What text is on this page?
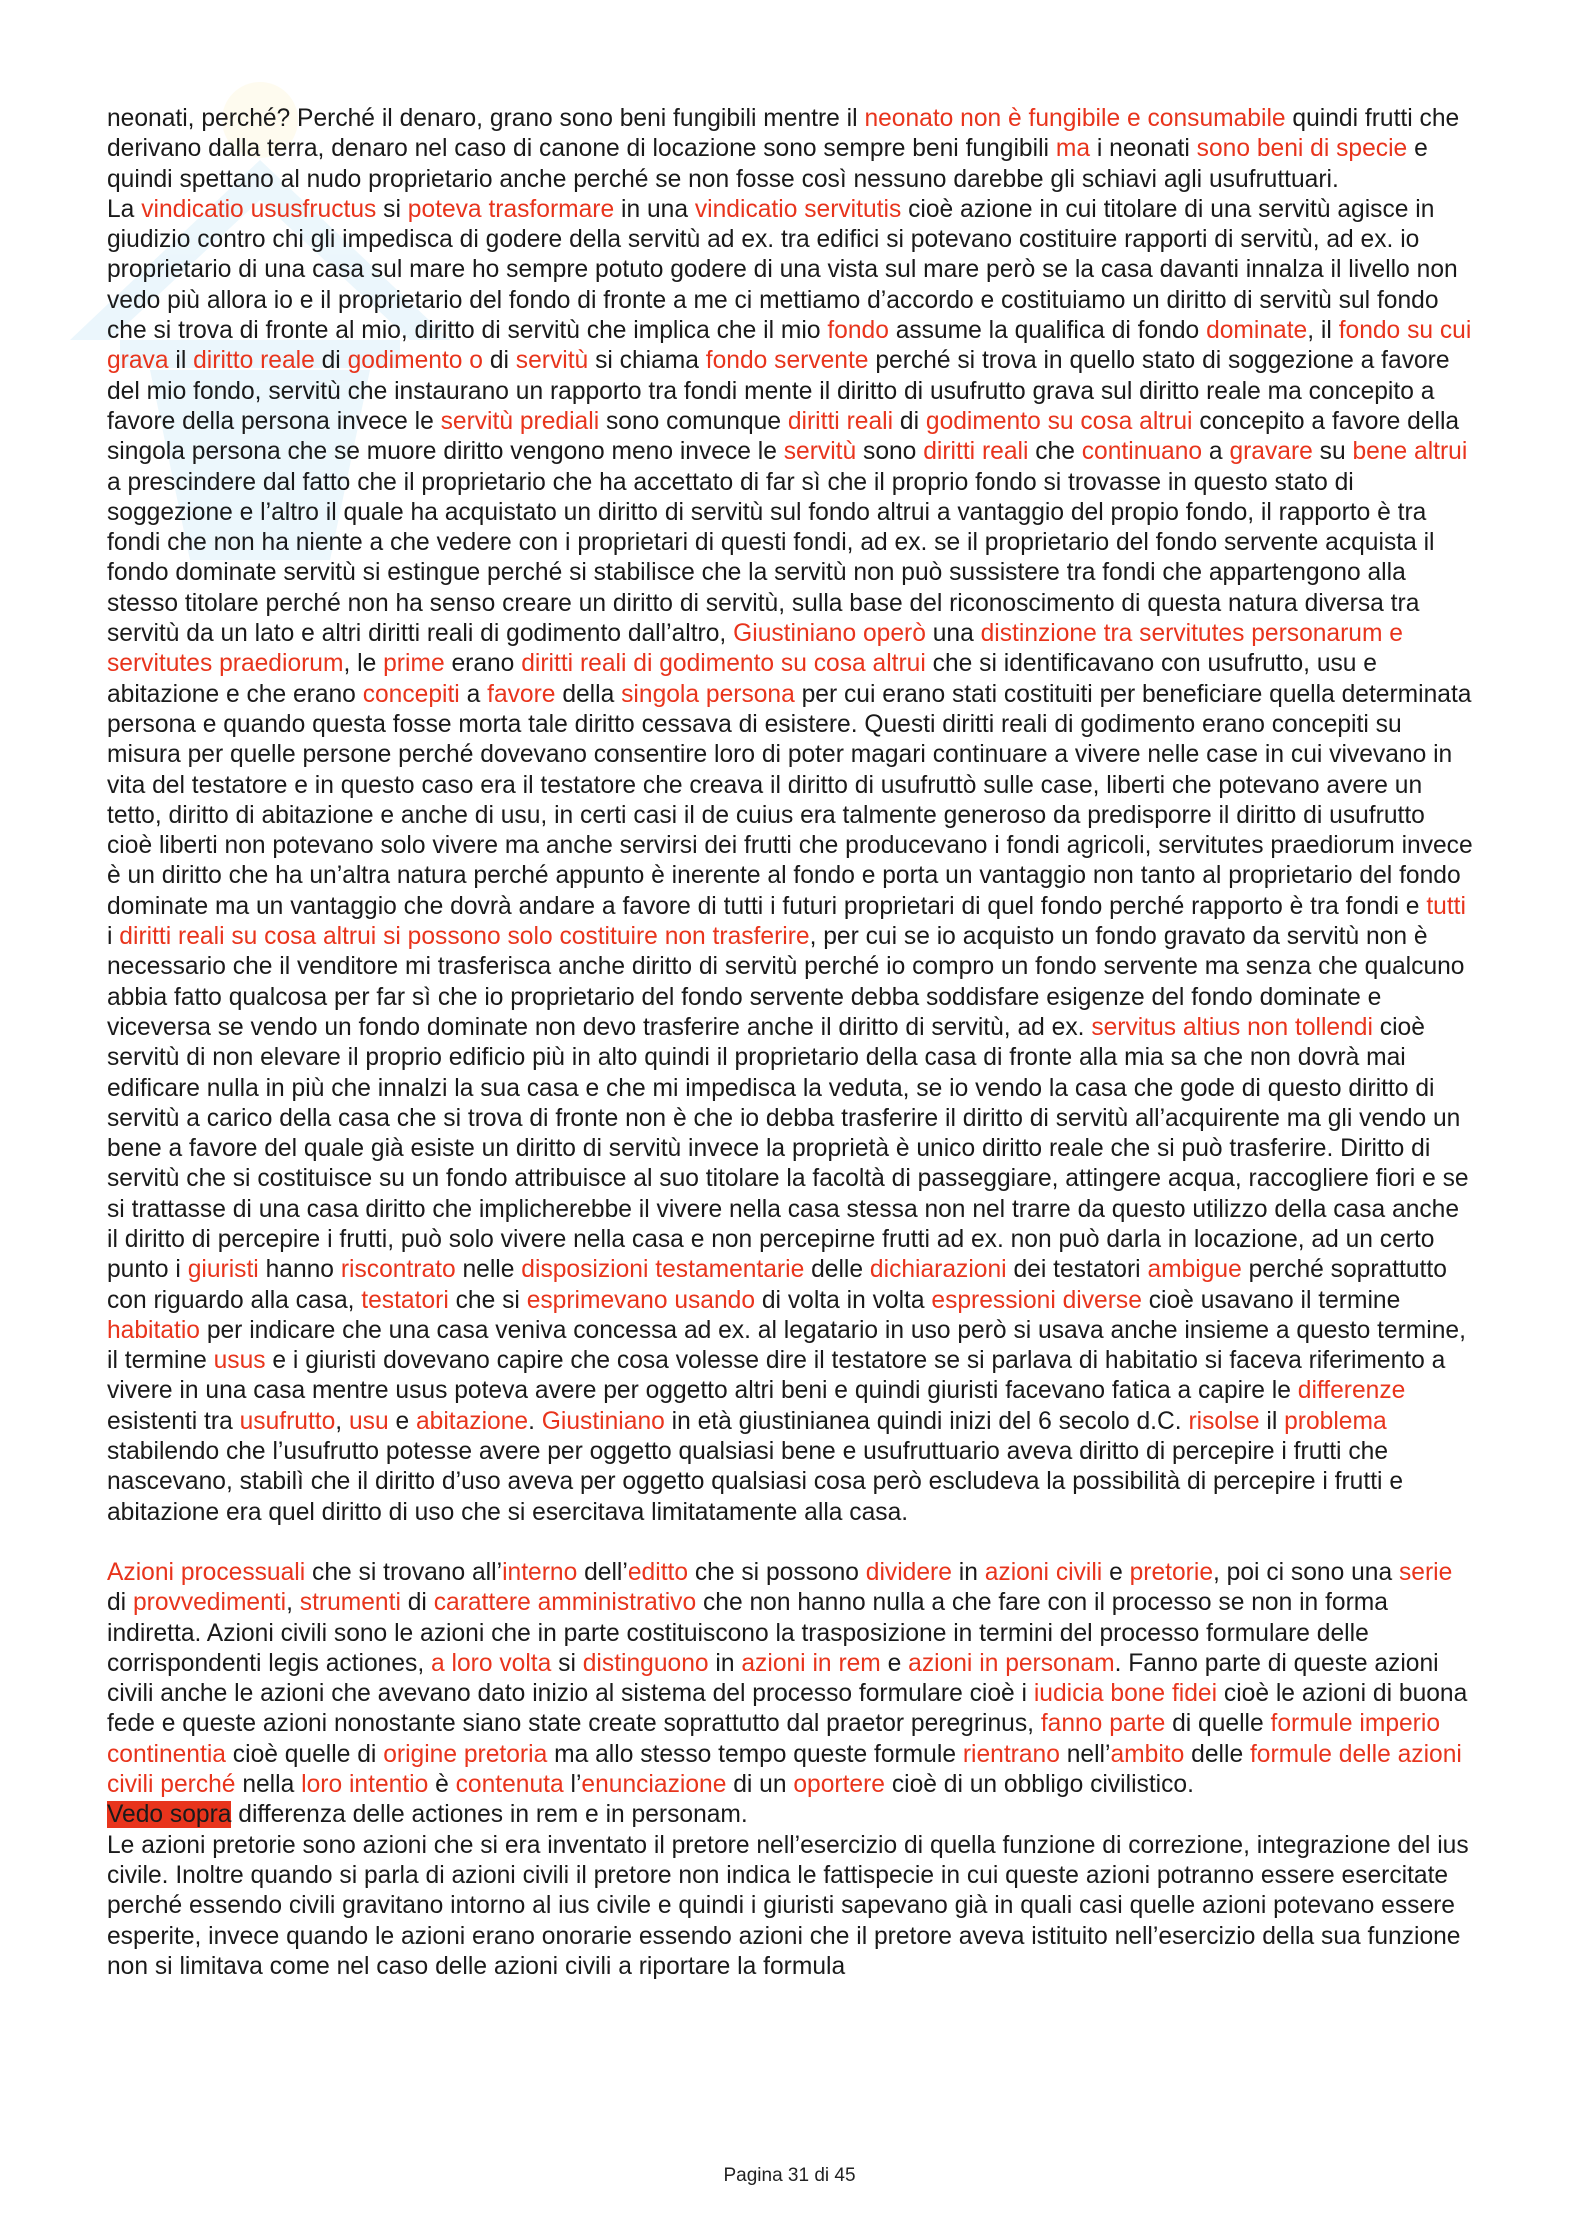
neonati, perché? Perché il denaro, grano sono beni fungibili mentre il neonato non è fungibile e consumabile quindi frutti che derivano dalla terra, denaro nel caso di canone di locazione sono sempre beni fungibili ma i neonati sono beni di specie e quindi spettano al nudo proprietario anche perché se non fosse così nessuno darebbe gli schiavi agli usufruttuari.

La vindicatio ususfructus si poteva trasformare in una vindicatio servitutis cioè azione in cui titolare di una servitù agisce in giudizio contro chi gli impedisca di godere della servitù ad ex. tra edifici si potevano costituire rapporti di servitù, ad ex. io proprietario di una casa sul mare ho sempre potuto godere di una vista sul mare però se la casa davanti innalza il livello non vedo più allora io e il proprietario del fondo di fronte a me ci mettiamo d’accordo e costituiamo un diritto di servitù sul fondo che si trova di fronte al mio, diritto di servitù che implica che il mio fondo assume la qualifica di fondo dominate, il fondo su cui grava il diritto reale di godimento o di servitù si chiama fondo servente perché si trova in quello stato di soggezione a favore del mio fondo, servitù che instaurano un rapporto tra fondi mente il diritto di usufrutto grava sul diritto reale ma concepito a favore della persona invece le servitù prediali sono comunque diritti reali di godimento su cosa altrui concepito a favore della singola persona che se muore diritto vengono meno invece le servitù sono diritti reali che continuano a gravare su bene altrui a prescindere dal fatto che il proprietario che ha accettato di far sì che il proprio fondo si trovasse in questo stato di soggezione e l’altro il quale ha acquistato un diritto di servitù sul fondo altrui a vantaggio del propio fondo, il rapporto è tra fondi che non ha niente a che vedere con i proprietari di questi fondi, ad ex. se il proprietario del fondo servente acquista il fondo dominate servitù si estingue perché si stabilisce che la servitù non può sussistere tra fondi che appartengono alla stesso titolare perché non ha senso creare un diritto di servitù, sulla base del riconoscimento di questa natura diversa tra servitù da un lato e altri diritti reali di godimento dall’altro, Giustiniano operò una distinzione tra servitutes personarum e servitutes praediorum, le prime erano diritti reali di godimento su cosa altrui che si identificavano con usufrutto, usu e abitazione e che erano concepiti a favore della singola persona per cui erano stati costituiti per beneficiare quella determinata persona e quando questa fosse morta tale diritto cessava di esistere. Questi diritti reali di godimento erano concepiti su misura per quelle persone perché dovevano consentire loro di poter magari continuare a vivere nelle case in cui vivevano in vita del testatore e in questo caso era il testatore che creava il diritto di usufruttò sulle case, liberti che potevano avere un tetto, diritto di abitazione e anche di usu, in certi casi il de cuius era talmente generoso da predisporre il diritto di usufrutto cioè liberti non potevano solo vivere ma anche servirsi dei frutti che producevano i fondi agricoli, servitutes praediorum invece è un diritto che ha un’altra natura perché appunto è inerente al fondo e porta un vantaggio non tanto al proprietario del fondo dominate ma un vantaggio che dovrà andare a favore di tutti i futuri proprietari di quel fondo perché rapporto è tra fondi e tutti i diritti reali su cosa altrui si possono solo costituire non trasferire, per cui se io acquisto un fondo gravato da servitù non è necessario che il venditore mi trasferisca anche diritto di servitù perché io compro un fondo servente ma senza che qualcuno abbia fatto qualcosa per far sì che io proprietario del fondo servente debba soddisfare esigenze del fondo dominate e viceversa se vendo un fondo dominate non devo trasferire anche il diritto di servitù, ad ex. servitus altius non tollendi cioè servitù di non elevare il proprio edificio più in alto quindi il proprietario della casa di fronte alla mia sa che non dovrà mai edificare nulla in più che innalzi la sua casa e che mi impedisca la veduta, se io vendo la casa che gode di questo diritto di servitù a carico della casa che si trova di fronte non è che io debba trasferire il diritto di servitù all’acquirente ma gli vendo un bene a favore del quale già esiste un diritto di servitù invece la proprietà è unico diritto reale che si può trasferire. Diritto di servitù che si costituisce su un fondo attribuisce al suo titolare la facoltà di passeggiare, attingere acqua, raccogliere fiori e se si trattasse di una casa diritto che implicherebbe il vivere nella casa stessa non nel trarre da questo utilizzo della casa anche il diritto di percepire i frutti, può solo vivere nella casa e non percepirne frutti ad ex. non può darla in locazione, ad un certo punto i giuristi hanno riscontrato nelle disposizioni testamentarie delle dichiarazioni dei testatori ambigue perché soprattutto con riguardo alla casa, testatori che si esprimevano usando di volta in volta espressioni diverse cioè usavano il termine habitatio per indicare che una casa veniva concessa ad ex. al legatario in uso però si usava anche insieme a questo termine, il termine usus e i giuristi dovevano capire che cosa volesse dire il testatore se si parlava di habitatio si faceva riferimento a vivere in una casa mentre usus poteva avere per oggetto altri beni e quindi giuristi facevano fatica a capire le differenze esistenti tra usufrutto, usu e abitazione. Giustiniano in età giustinianea quindi inizi del 6 secolo d.C. risolse il problema stabilendo che l’usufrutto potesse avere per oggetto qualsiasi bene e usufruttuario aveva diritto di percepire i frutti che nascevano, stabilì che il diritto d’uso aveva per oggetto qualsiasi cosa però escludeva la possibilità di percepire i frutti e abitazione era quel diritto di uso che si esercitava limitatamente alla casa.

Azioni processuali che si trovano all’interno dell’editto che si possono dividere in azioni civili e pretorie, poi ci sono una serie di provvedimenti, strumenti di carattere amministrativo che non hanno nulla a che fare con il processo se non in forma indiretta. Azioni civili sono le azioni che in parte costituiscono la trasposizione in termini del processo formulare delle corrispondenti legis actiones, a loro volta si distinguono in azioni in rem e azioni in personam. Fanno parte di queste azioni civili anche le azioni che avevano dato inizio al sistema del processo formulare cioè i iudicia bone fidei cioè le azioni di buona fede e queste azioni nonostante siano state create soprattutto dal praetor peregrinus, fanno parte di quelle formule imperio continentia cioè quelle di origine pretoria ma allo stesso tempo queste formule rientrano nell’ambito delle formule delle azioni civili perché nella loro intentio è contenuta l’enunciazione di un oportere cioè di un obbligo civilistico.

Vedo sopra differenza delle actiones in rem e in personam.

Le azioni pretorie sono azioni che si era inventato il pretore nell’esercizio di quella funzione di correzione, integrazione del ius civile. Inoltre quando si parla di azioni civili il pretore non indica le fattispecie in cui queste azioni potranno essere esercitate perché essendo civili gravitano intorno al ius civile e quindi i giuristi sapevano già in quali casi quelle azioni potevano essere esperite, invece quando le azioni erano onorarie essendo azioni che il pretore aveva istituito nell’esercizio della sua funzione non si limitava come nel caso delle azioni civili a riportare la formula

Pagina 31 di 45
